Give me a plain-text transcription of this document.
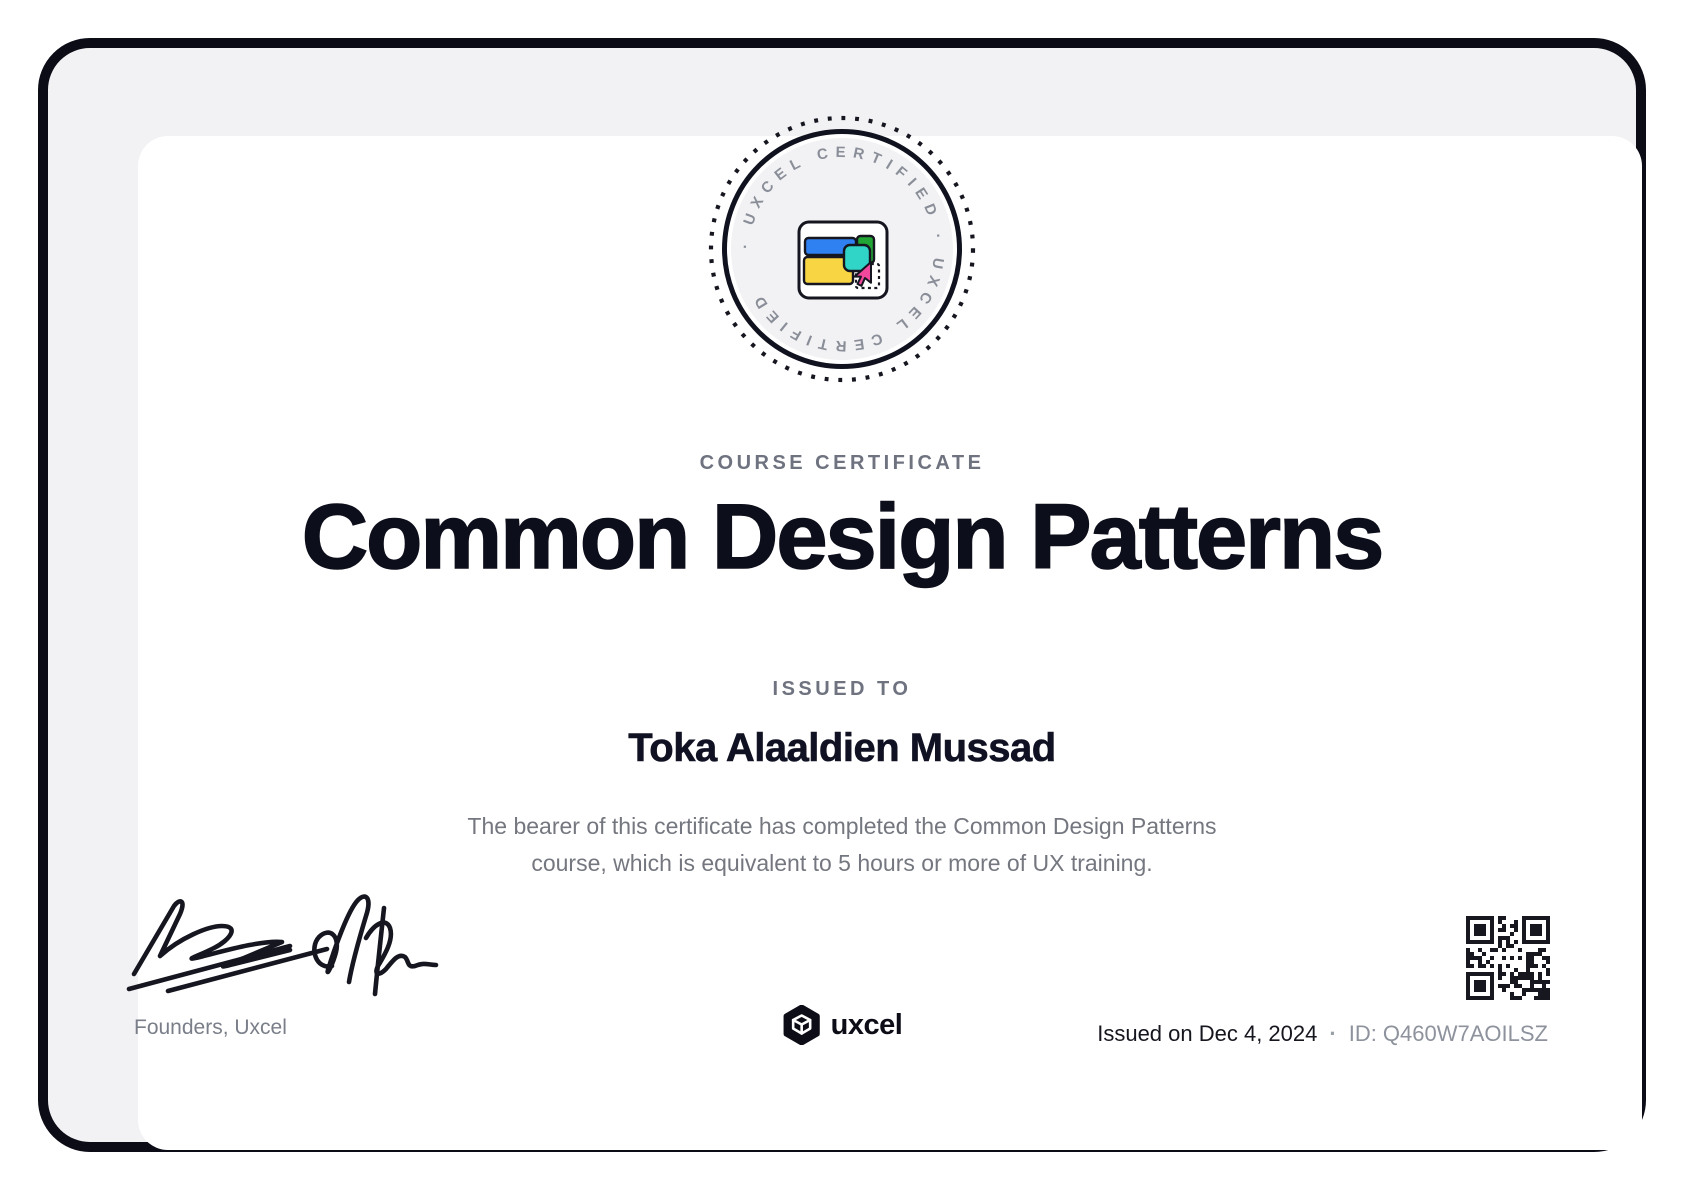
· UXCEL CERTIFIED · UXCEL CERTIFIED
COURSE CERTIFICATE
Common Design Patterns
ISSUED TO
Toka Alaaldien Mussad

The bearer of this certificate has completed the Common Design Patterns
course, which is equivalent to 5 hours or more of UX training.

Founders, Uxcel	uxcel	Issued on Dec 4, 2024 · ID: Q460W7AOILSZ
